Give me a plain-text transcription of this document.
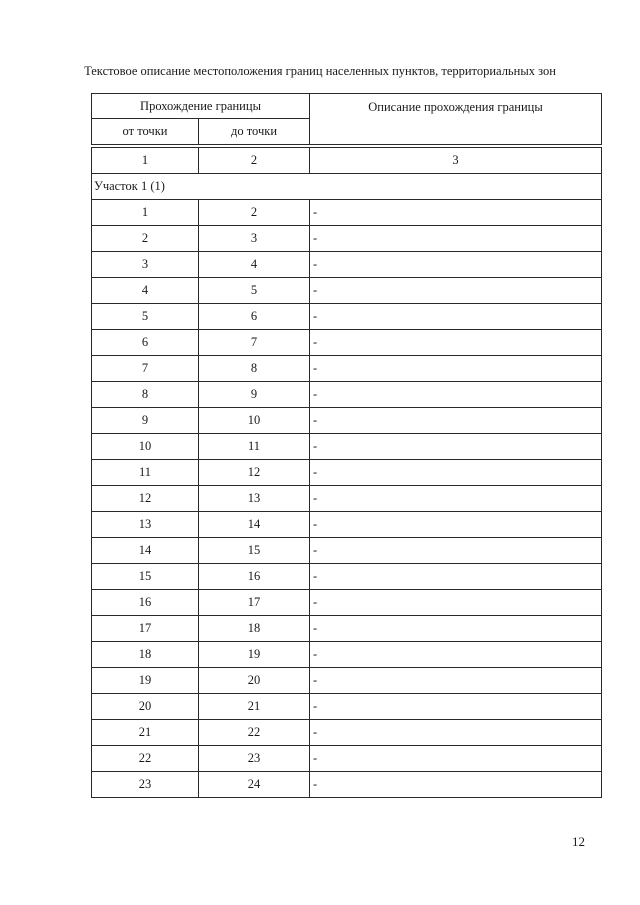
Текстовое описание местоположения границ населенных пунктов, территориальных зон
Прохождение границы		Описание прохождения границы
от точки	до точки	
1	2	3
Участок 1 (1)		
1	2	-
2	3	-
3	4	-
4	5	-
5	6	-
6	7	-
7	8	-
8	9	-
9	10	-
10	11	-
11	12	-
12	13	-
13	14	-
14	15	-
15	16	-
16	17	-
17	18	-
18	19	-
19	20	-
20	21	-
21	22	-
22	23	-
23	24	-
12
